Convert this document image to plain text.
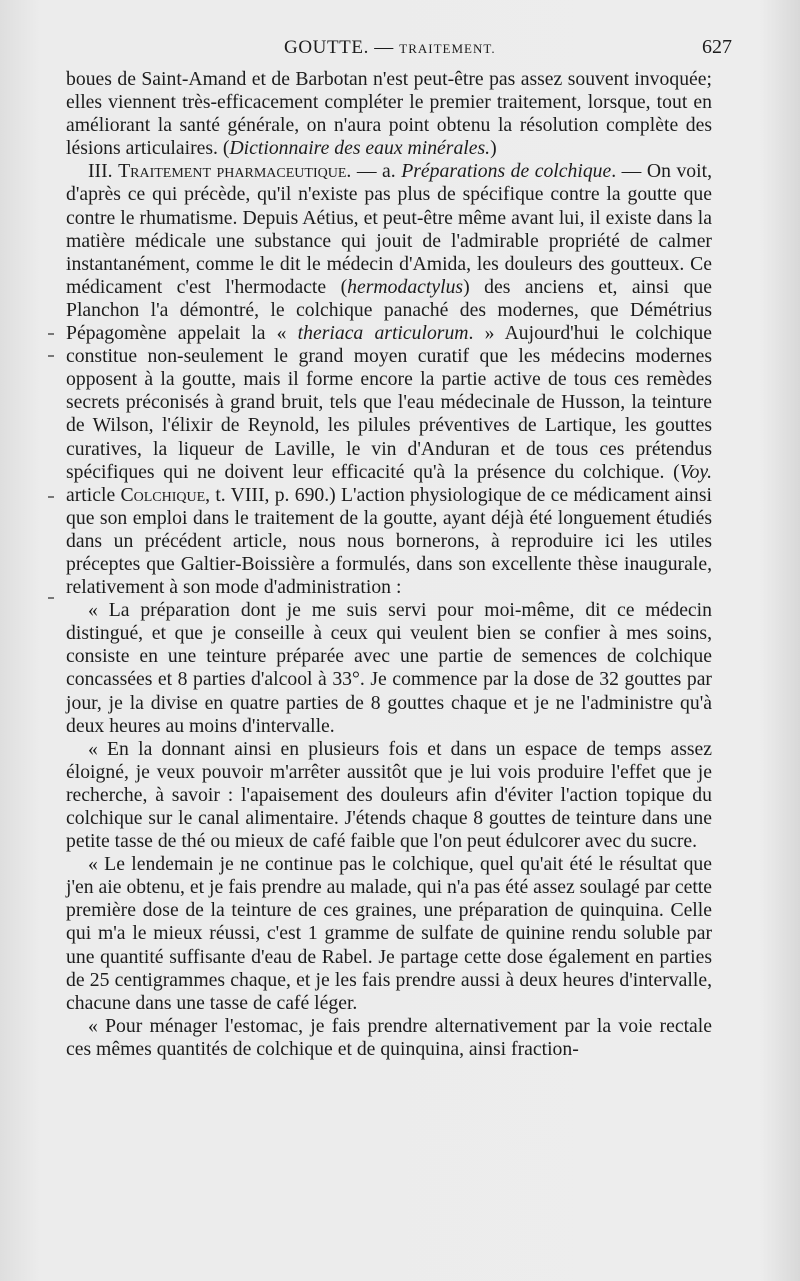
GOUTTE. — TRAITEMENT.	627

boues de Saint-Amand et de Barbotan n'est peut-être pas assez souvent invoquée; elles viennent très-efficacement compléter le premier traitement, lorsque, tout en améliorant la santé générale, on n'aura point obtenu la résolution complète des lésions articulaires. (Dictionnaire des eaux minérales.)

III. Traitement pharmaceutique. — a. Préparations de colchique. — On voit, d'après ce qui précède, qu'il n'existe pas plus de spécifique contre la goutte que contre le rhumatisme. Depuis Aétius, et peut-être même avant lui, il existe dans la matière médicale une substance qui jouit de l'admirable propriété de calmer instantanément, comme le dit le médecin d'Amida, les douleurs des goutteux. Ce médicament c'est l'hermodacte (hermodactylus) des anciens et, ainsi que Planchon l'a démontré, le colchique panaché des modernes, que Démétrius Pépagomène appelait la « theriaca articulorum. » Aujourd'hui le colchique constitue non-seulement le grand moyen curatif que les médecins modernes opposent à la goutte, mais il forme encore la partie active de tous ces remèdes secrets préconisés à grand bruit, tels que l'eau médecinale de Husson, la teinture de Wilson, l'élixir de Reynold, les pilules préventives de Lartique, les gouttes curatives, la liqueur de Laville, le vin d'Anduran et de tous ces prétendus spécifiques qui ne doivent leur efficacité qu'à la présence du colchique. (Voy. article Colchique, t. VIII, p. 690.) L'action physiologique de ce médicament ainsi que son emploi dans le traitement de la goutte, ayant déjà été longuement étudiés dans un précédent article, nous nous bornerons, à reproduire ici les utiles préceptes que Galtier-Boissière a formulés, dans son excellente thèse inaugurale, relativement à son mode d'administration :

« La préparation dont je me suis servi pour moi-même, dit ce médecin distingué, et que je conseille à ceux qui veulent bien se confier à mes soins, consiste en une teinture préparée avec une partie de semences de colchique concassées et 8 parties d'alcool à 33°. Je commence par la dose de 32 gouttes par jour, je la divise en quatre parties de 8 gouttes chaque et je ne l'administre qu'à deux heures au moins d'intervalle.

« En la donnant ainsi en plusieurs fois et dans un espace de temps assez éloigné, je veux pouvoir m'arrêter aussitôt que je lui vois produire l'effet que je recherche, à savoir : l'apaisement des douleurs afin d'éviter l'action topique du colchique sur le canal alimentaire. J'étends chaque 8 gouttes de teinture dans une petite tasse de thé ou mieux de café faible que l'on peut édulcorer avec du sucre.

« Le lendemain je ne continue pas le colchique, quel qu'ait été le résultat que j'en aie obtenu, et je fais prendre au malade, qui n'a pas été assez soulagé par cette première dose de la teinture de ces graines, une préparation de quinquina. Celle qui m'a le mieux réussi, c'est 1 gramme de sulfate de quinine rendu soluble par une quantité suffisante d'eau de Rabel. Je partage cette dose également en parties de 25 centigrammes chaque, et je les fais prendre aussi à deux heures d'intervalle, chacune dans une tasse de café léger.

« Pour ménager l'estomac, je fais prendre alternativement par la voie rectale ces mêmes quantités de colchique et de quinquina, ainsi fraction-
